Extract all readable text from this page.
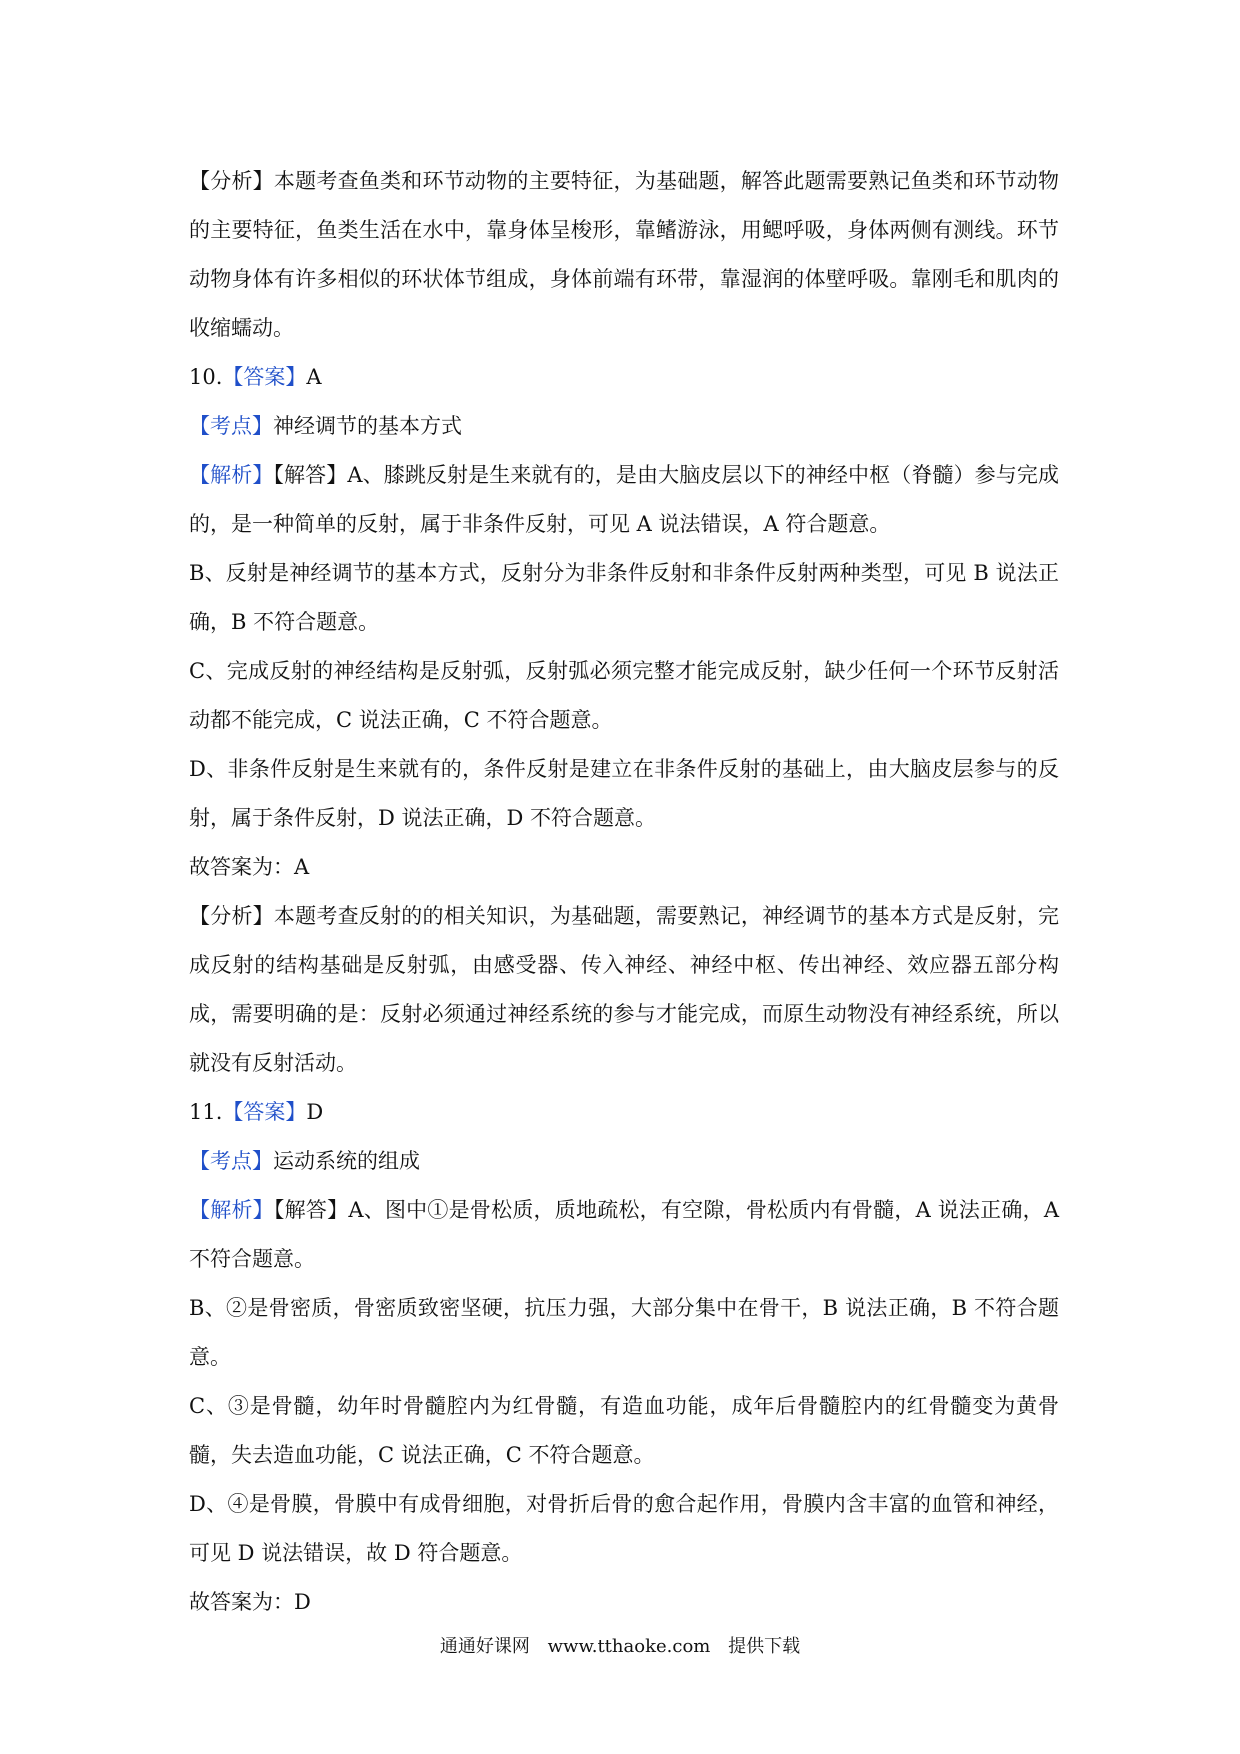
【分析】本题考查鱼类和环节动物的主要特征，为基础题，解答此题需要熟记鱼类和环节动物的主要特征，鱼类生活在水中，靠身体呈梭形，靠鳍游泳，用鳃呼吸，身体两侧有测线。环节动物身体有许多相似的环状体节组成，身体前端有环带，靠湿润的体壁呼吸。靠刚毛和肌肉的收缩蠕动。

10.【答案】A

【考点】神经调节的基本方式

【解析】【解答】A、膝跳反射是生来就有的，是由大脑皮层以下的神经中枢（脊髓）参与完成的，是一种简单的反射，属于非条件反射，可见 A 说法错误，A 符合题意。

B、反射是神经调节的基本方式，反射分为非条件反射和非条件反射两种类型，可见 B 说法正确，B 不符合题意。

C、完成反射的神经结构是反射弧，反射弧必须完整才能完成反射，缺少任何一个环节反射活动都不能完成，C 说法正确，C 不符合题意。

D、非条件反射是生来就有的，条件反射是建立在非条件反射的基础上，由大脑皮层参与的反射，属于条件反射，D 说法正确，D 不符合题意。

故答案为：A

【分析】本题考查反射的的相关知识，为基础题，需要熟记，神经调节的基本方式是反射，完成反射的结构基础是反射弧，由感受器、传入神经、神经中枢、传出神经、效应器五部分构成，需要明确的是：反射必须通过神经系统的参与才能完成，而原生动物没有神经系统，所以就没有反射活动。

11.【答案】D

【考点】运动系统的组成

【解析】【解答】A、图中①是骨松质，质地疏松，有空隙，骨松质内有骨髓，A 说法正确，A 不符合题意。

B、②是骨密质，骨密质致密坚硬，抗压力强，大部分集中在骨干，B 说法正确，B 不符合题意。

C、③是骨髓，幼年时骨髓腔内为红骨髓，有造血功能，成年后骨髓腔内的红骨髓变为黄骨髓，失去造血功能，C 说法正确，C 不符合题意。

D、④是骨膜，骨膜中有成骨细胞，对骨折后骨的愈合起作用，骨膜内含丰富的血管和神经，可见 D 说法错误，故 D 符合题意。

故答案为：D

通通好课网 www.tthaoke.com 提供下载
